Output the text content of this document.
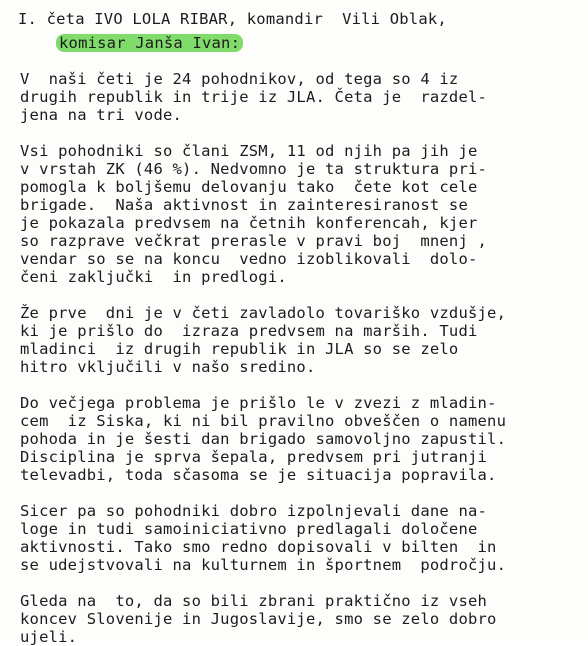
I. četa IVO LOLA RIBAR, komandir  Vili Oblak,
komisar Janša Ivan:
V  naši četi je 24 pohodnikov, od tega so 4 iz
drugih republik in trije iz JLA. Četa je  razdel-
jena na tri vode.
Vsi pohodniki so člani ZSM, 11 od njih pa jih je
v vrstah ZK (46 %). Nedvomno je ta struktura pri-
pomogla k boljšemu delovanju tako  čete kot cele
brigade.  Naša aktivnost in zainteresiranost se
je pokazala predvsem na četnih konferencah, kjer
so razprave večkrat prerasle v pravi boj  mnenj ,
vendar so se na koncu  vedno izoblikovali  dolo-
čeni zaključki  in predlogi.
Že prve  dni je v četi zavladolo tovariško vzdušje,
ki je prišlo do  izraza predvsem na marših. Tudi
mladinci  iz drugih republik in JLA so se zelo
hitro vključili v našo sredino.
Do večjega problema je prišlo le v zvezi z mladin-
cem  iz Siska, ki ni bil pravilno obveščen o namenu
pohoda in je šesti dan brigado samovoljno zapustil.
Disciplina je sprva šepala, predvsem pri jutranji
televadbi, toda sčasoma se je situacija popravila.
Sicer pa so pohodniki dobro izpolnjevali dane na-
loge in tudi samoiniciativno predlagali določene
aktivnosti. Tako smo redno dopisovali v bilten  in
se udejstvovali na kulturnem in športnem  področju.
Gleda na  to, da so bili zbrani praktično iz vseh
koncev Slovenije in Jugoslavije, smo se zelo dobro
ujeli.
